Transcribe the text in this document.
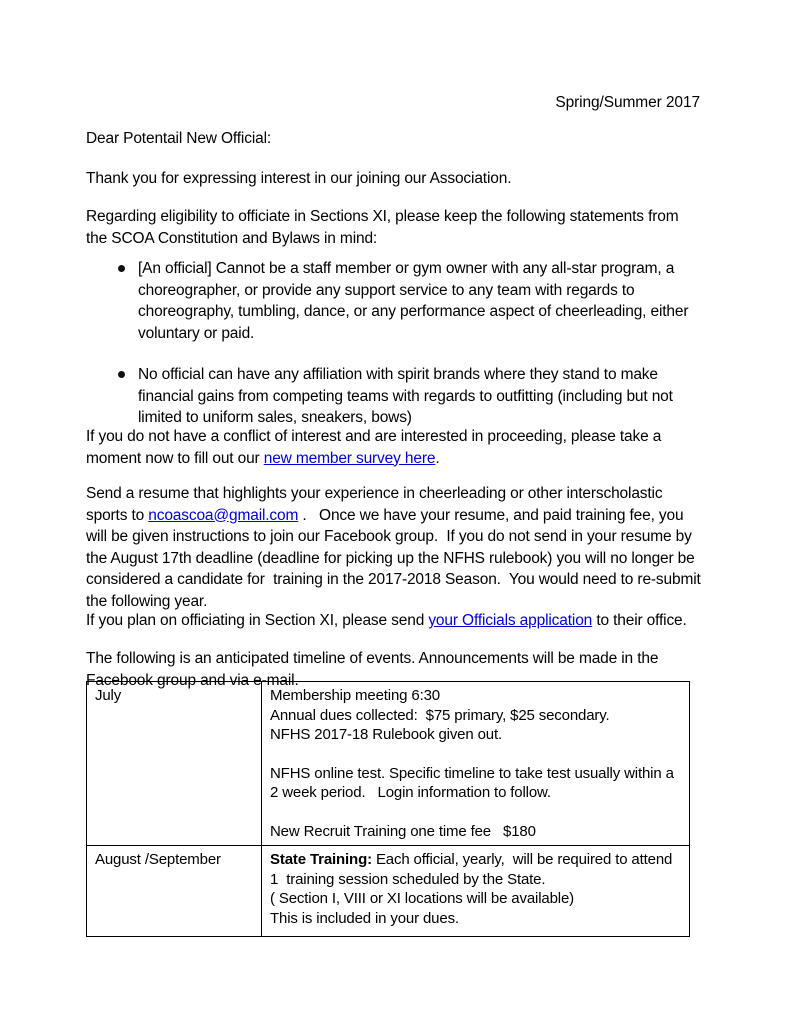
Spring/Summer 2017
Dear Potentail New Official:
Thank you for expressing interest in our joining our Association.
Regarding eligibility to officiate in Sections XI, please keep the following statements from the SCOA Constitution and Bylaws in mind:
[An official] Cannot be a staff member or gym owner with any all-star program, a choreographer, or provide any support service to any team with regards to choreography, tumbling, dance, or any performance aspect of cheerleading, either voluntary or paid.
No official can have any affiliation with spirit brands where they stand to make financial gains from competing teams with regards to outfitting (including but not limited to uniform sales, sneakers, bows)
If you do not have a conflict of interest and are interested in proceeding, please take a moment now to fill out our new member survey here.
Send a resume that highlights your experience in cheerleading or other interscholastic sports to ncoascoa@gmail.com .   Once we have your resume, and paid training fee, you will be given instructions to join our Facebook group.  If you do not send in your resume by the August 17th deadline (deadline for picking up the NFHS rulebook) you will no longer be considered a candidate for  training in the 2017-2018 Season.  You would need to re-submit the following year.
If you plan on officiating in Section XI, please send your Officials application to their office.
The following is an anticipated timeline of events. Announcements will be made in the Facebook group and via e-mail.
July	Membership meeting 6:30
Annual dues collected:  $75 primary, $25 secondary.
NFHS 2017-18 Rulebook given out.
NFHS online test. Specific timeline to take test usually within a 2 week period.   Login information to follow.
New Recruit Training one time fee   $180

August /September	State Training: Each official, yearly,  will be required to attend 1  training session scheduled by the State.
( Section I, VIII or XI locations will be available)
This is included in your dues.
